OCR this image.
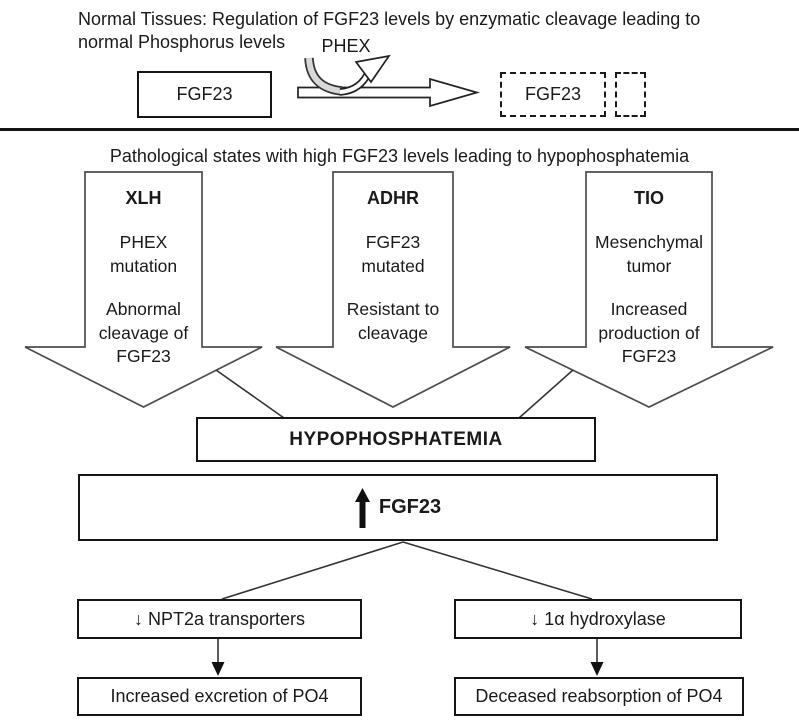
Normal Tissues: Regulation of FGF23 levels by enzymatic cleavage leading to
normal Phosphorus levels	PHEX
FGF23	FGF23
Pathological states with high FGF23 levels leading to hypophosphatemia
XLH
PHEX
mutation
Abnormal
cleavage of
FGF23
ADHR
FGF23
mutated
Resistant to
cleavage
TIO
Mesenchymal
tumor
Increased
production of
FGF23
HYPOPHOSPHATEMIA
FGF23
↓ NPT2a transporters	↓ 1α hydroxylase
Increased excretion of PO4	Deceased reabsorption of PO4
